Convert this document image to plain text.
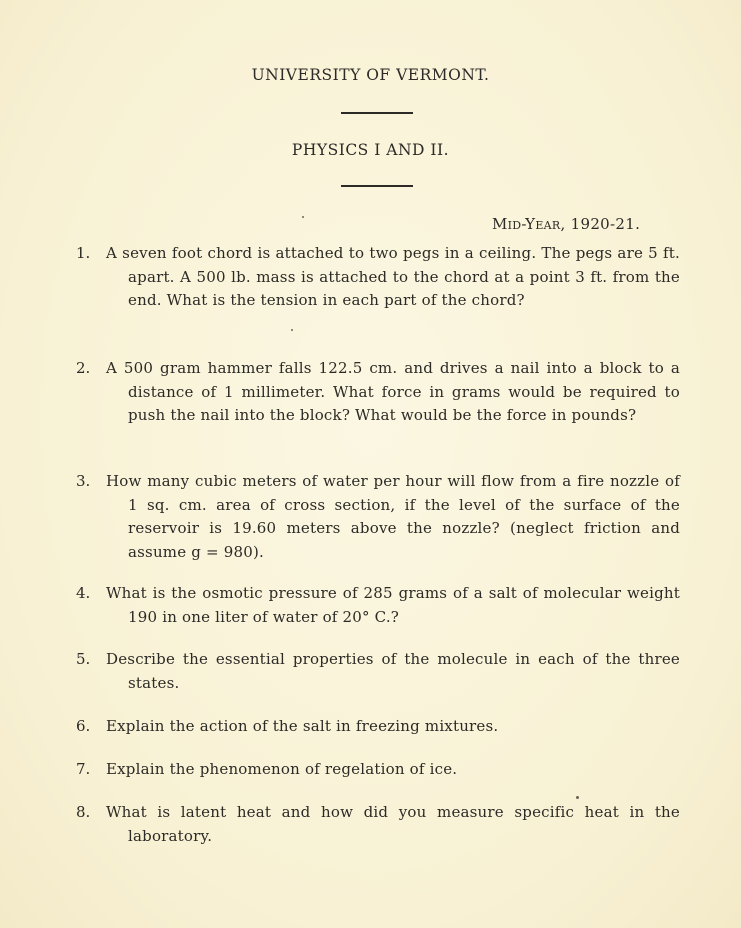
UNIVERSITY OF VERMONT.
PHYSICS I AND II.
Mid-Year, 1920-21.
1. A seven foot chord is attached to two pegs in a ceiling. The pegs are 5 ft. apart. A 500 lb. mass is attached to the chord at a point 3 ft. from the end. What is the tension in each part of the chord?
2. A 500 gram hammer falls 122.5 cm. and drives a nail into a block to a distance of 1 millimeter. What force in grams would be required to push the nail into the block? What would be the force in pounds?
3. How many cubic meters of water per hour will flow from a fire nozzle of 1 sq. cm. area of cross section, if the level of the surface of the reservoir is 19.60 meters above the nozzle? (neglect friction and assume g = 980).
4. What is the osmotic pressure of 285 grams of a salt of molecular weight 190 in one liter of water of 20° C.?
5. Describe the essential properties of the molecule in each of the three states.
6. Explain the action of the salt in freezing mixtures.
7. Explain the phenomenon of regelation of ice.
8. What is latent heat and how did you measure specific heat in the laboratory.
